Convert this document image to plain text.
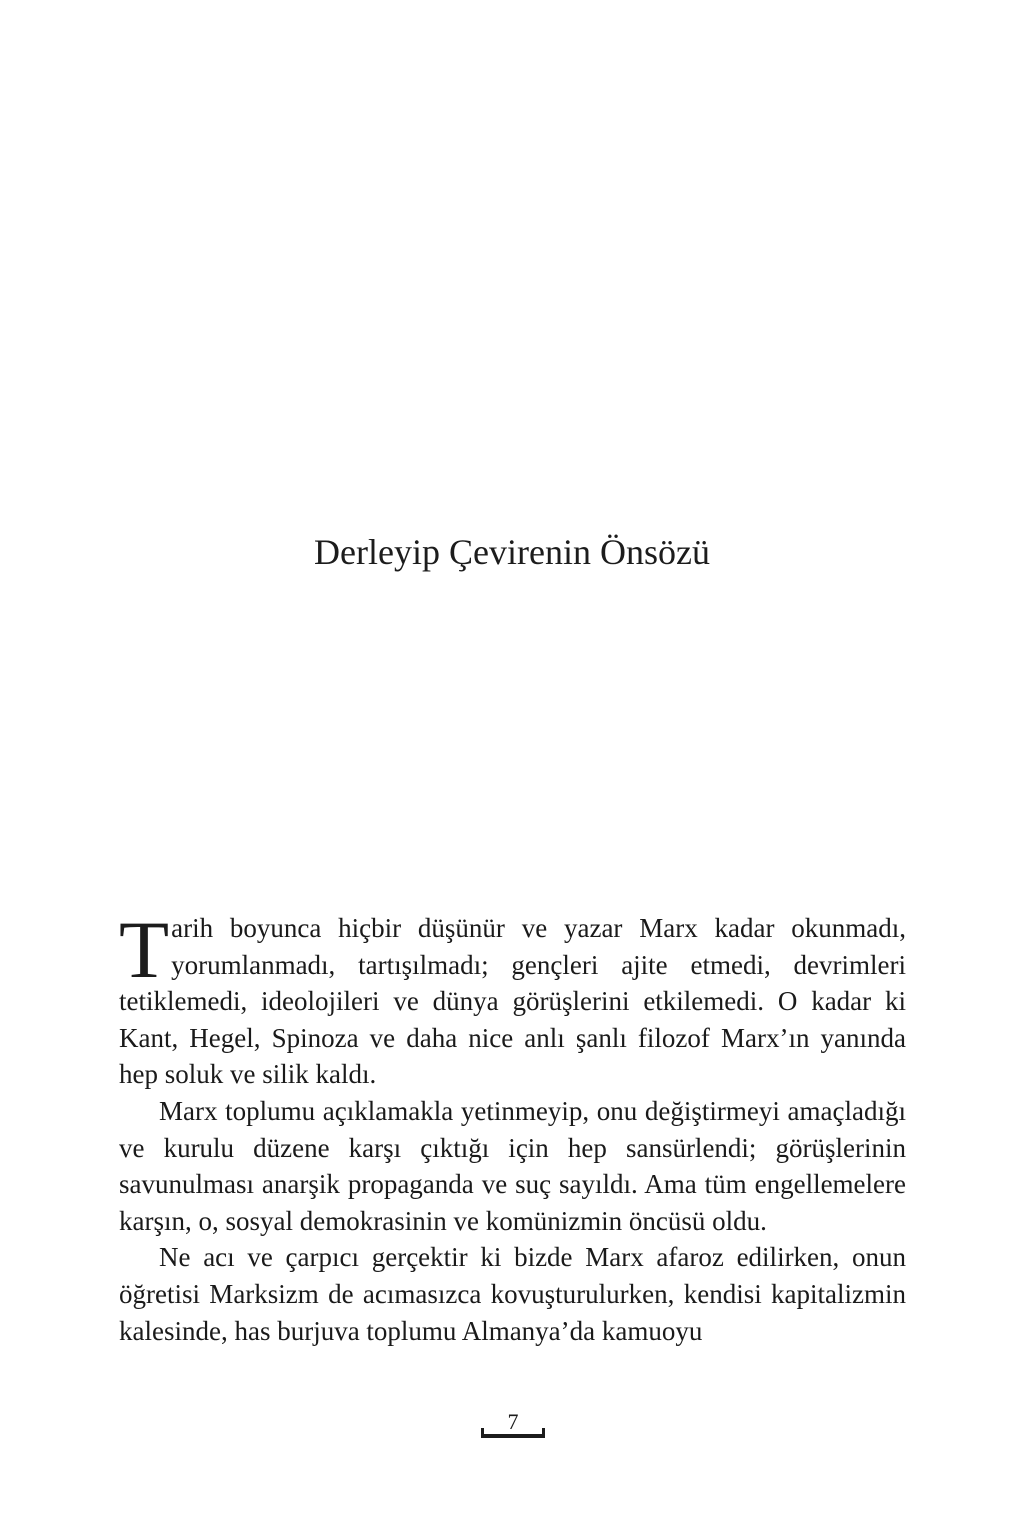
Derleyip Çevirenin Önsözü

Tarih boyunca hiçbir düşünür ve yazar Marx kadar okunmadı, yorumlanmadı, tartışılmadı; gençleri ajite etmedi, devrimleri tetiklemedi, ideolojileri ve dünya görüşlerini etkilemedi. O kadar ki Kant, Hegel, Spinoza ve daha nice anlı şanlı filozof Marx’ın yanında hep soluk ve silik kaldı.

Marx toplumu açıklamakla yetinmeyip, onu değiştirmeyi amaçladığı ve kurulu düzene karşı çıktığı için hep sansürlendi; görüşlerinin savunulması anarşik propaganda ve suç sayıldı. Ama tüm engellemelere karşın, o, sosyal demokrasinin ve komünizmin öncüsü oldu.

Ne acı ve çarpıcı gerçektir ki bizde Marx afaroz edilirken, onun öğretisi Marksizm de acımasızca kovuşturulurken, kendisi kapitalizmin kalesinde, has burjuva toplumu Almanya’da kamuoyu

7
